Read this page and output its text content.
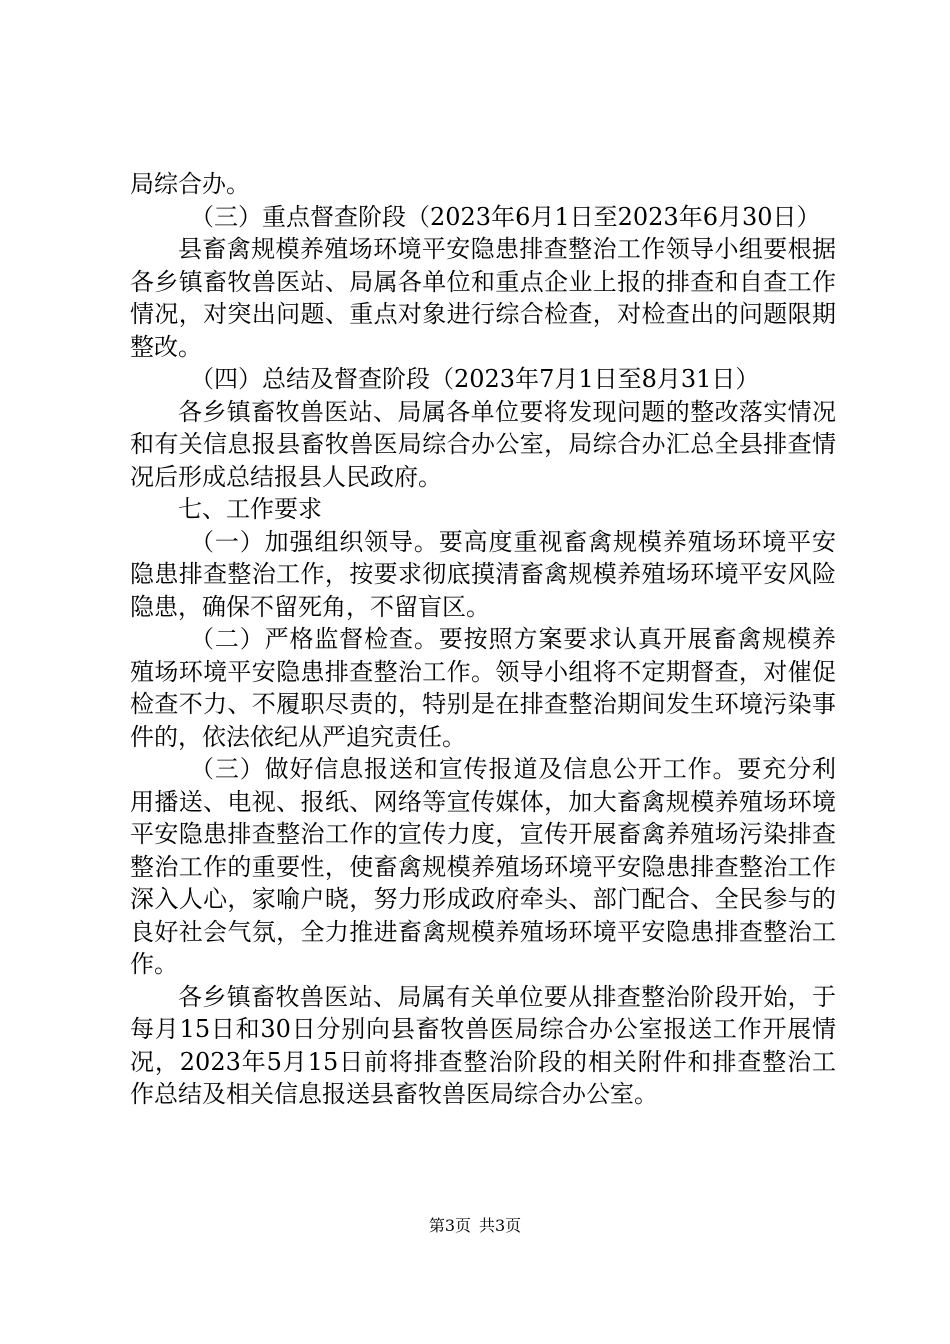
局综合办。

（三）重点督查阶段（2023年6月1日至2023年6月30日）

县畜禽规模养殖场环境平安隐患排查整治工作领导小组要根据各乡镇畜牧兽医站、局属各单位和重点企业上报的排查和自查工作情况，对突出问题、重点对象进行综合检查，对检查出的问题限期整改。

（四）总结及督查阶段（2023年7月1日至8月31日）

各乡镇畜牧兽医站、局属各单位要将发现问题的整改落实情况和有关信息报县畜牧兽医局综合办公室，局综合办汇总全县排查情况后形成总结报县人民政府。

七、工作要求

（一）加强组织领导。要高度重视畜禽规模养殖场环境平安隐患排查整治工作，按要求彻底摸清畜禽规模养殖场环境平安风险隐患，确保不留死角，不留盲区。

（二）严格监督检查。要按照方案要求认真开展畜禽规模养殖场环境平安隐患排查整治工作。领导小组将不定期督查，对催促检查不力、不履职尽责的，特别是在排查整治期间发生环境污染事件的，依法依纪从严追究责任。

（三）做好信息报送和宣传报道及信息公开工作。要充分利用播送、电视、报纸、网络等宣传媒体，加大畜禽规模养殖场环境平安隐患排查整治工作的宣传力度，宣传开展畜禽养殖场污染排查整治工作的重要性，使畜禽规模养殖场环境平安隐患排查整治工作深入人心，家喻户晓，努力形成政府牵头、部门配合、全民参与的良好社会气氛，全力推进畜禽规模养殖场环境平安隐患排查整治工作。

各乡镇畜牧兽医站、局属有关单位要从排查整治阶段开始，于每月15日和30日分别向县畜牧兽医局综合办公室报送工作开展情况，2023年5月15日前将排查整治阶段的相关附件和排查整治工作总结及相关信息报送县畜牧兽医局综合办公室。

第3页 共3页
